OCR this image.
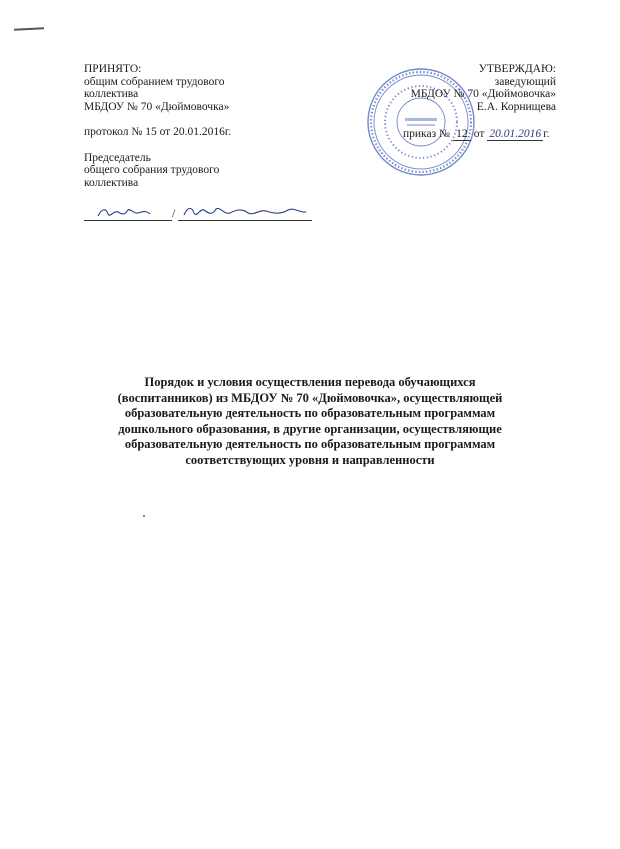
ПРИНЯТО:
общим собранием трудового
коллектива
МБДОУ № 70 «Дюймовочка»
протокол № 15 от 20.01.2016г.
Председатель
общего собрания трудового
коллектива
/
УТВЕРЖДАЮ:
заведующий
МБДОУ № 70 «Дюймовочка»
Е.А. Корнищева
приказ № 12 от 20.01.2016 г.
Порядок и условия осуществления перевода обучающихся
(воспитанников) из МБДОУ № 70 «Дюймовочка», осуществляющей
образовательную деятельность по образовательным программам
дошкольного образования, в другие организации, осуществляющие
образовательную деятельность по образовательным программам
соответствующих уровня и направленности
